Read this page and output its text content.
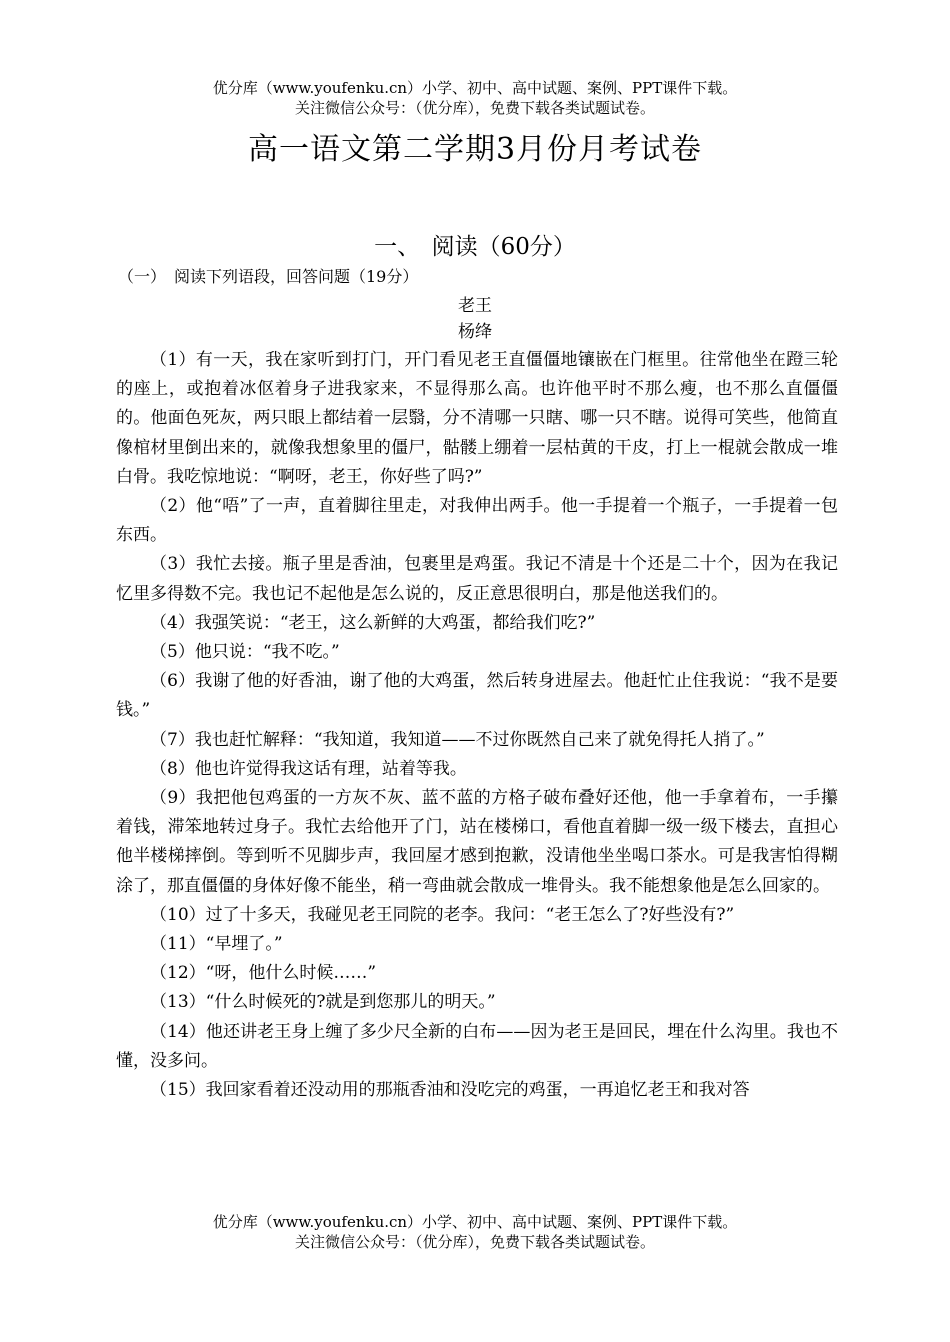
优分库（www.youfenku.cn）小学、初中、高中试题、案例、PPT课件下载。
关注微信公众号：（优分库），免费下载各类试题试卷。
高一语文第二学期3月份月考试卷
一、　阅读（60分）
（一）　阅读下列语段，回答问题（19分）
老王
杨绛

（1）有一天，我在家听到打门，开门看见老王直僵僵地镶嵌在门框里。往常他坐在蹬三轮的座上，或抱着冰伛着身子进我家来，不显得那么高。也许他平时不那么瘦，也不那么直僵僵的。他面色死灰，两只眼上都结着一层翳，分不清哪一只瞎、哪一只不瞎。说得可笑些，他简直像棺材里倒出来的，就像我想象里的僵尸，骷髅上绷着一层枯黄的干皮，打上一棍就会散成一堆白骨。我吃惊地说：“啊呀，老王，你好些了吗?”

（2）他“唔”了一声，直着脚往里走，对我伸出两手。他一手提着一个瓶子，一手提着一包东西。

（3）我忙去接。瓶子里是香油，包裹里是鸡蛋。我记不清是十个还是二十个，因为在我记忆里多得数不完。我也记不起他是怎么说的，反正意思很明白，那是他送我们的。

（4）我强笑说：“老王，这么新鲜的大鸡蛋，都给我们吃?”

（5）他只说：“我不吃。”

（6）我谢了他的好香油，谢了他的大鸡蛋，然后转身进屋去。他赶忙止住我说：“我不是要钱。”

（7）我也赶忙解释：“我知道，我知道——不过你既然自己来了就免得托人捎了。”

（8）他也许觉得我这话有理，站着等我。

（9）我把他包鸡蛋的一方灰不灰、蓝不蓝的方格子破布叠好还他，他一手拿着布，一手攥着钱，滞笨地转过身子。我忙去给他开了门，站在楼梯口，看他直着脚一级一级下楼去，直担心他半楼梯摔倒。等到听不见脚步声，我回屋才感到抱歉，没请他坐坐喝口茶水。可是我害怕得糊涂了，那直僵僵的身体好像不能坐，稍一弯曲就会散成一堆骨头。我不能想象他是怎么回家的。

（10）过了十多天，我碰见老王同院的老李。我问：“老王怎么了?好些没有?”

（11）“早埋了。”

（12）“呀，他什么时候……”

（13）“什么时候死的?就是到您那儿的明天。”

（14）他还讲老王身上缠了多少尺全新的白布——因为老王是回民，埋在什么沟里。我也不懂，没多问。

（15）我回家看着还没动用的那瓶香油和没吃完的鸡蛋，一再追忆老王和我对答

优分库（www.youfenku.cn）小学、初中、高中试题、案例、PPT课件下载。
关注微信公众号：（优分库），免费下载各类试题试卷。
